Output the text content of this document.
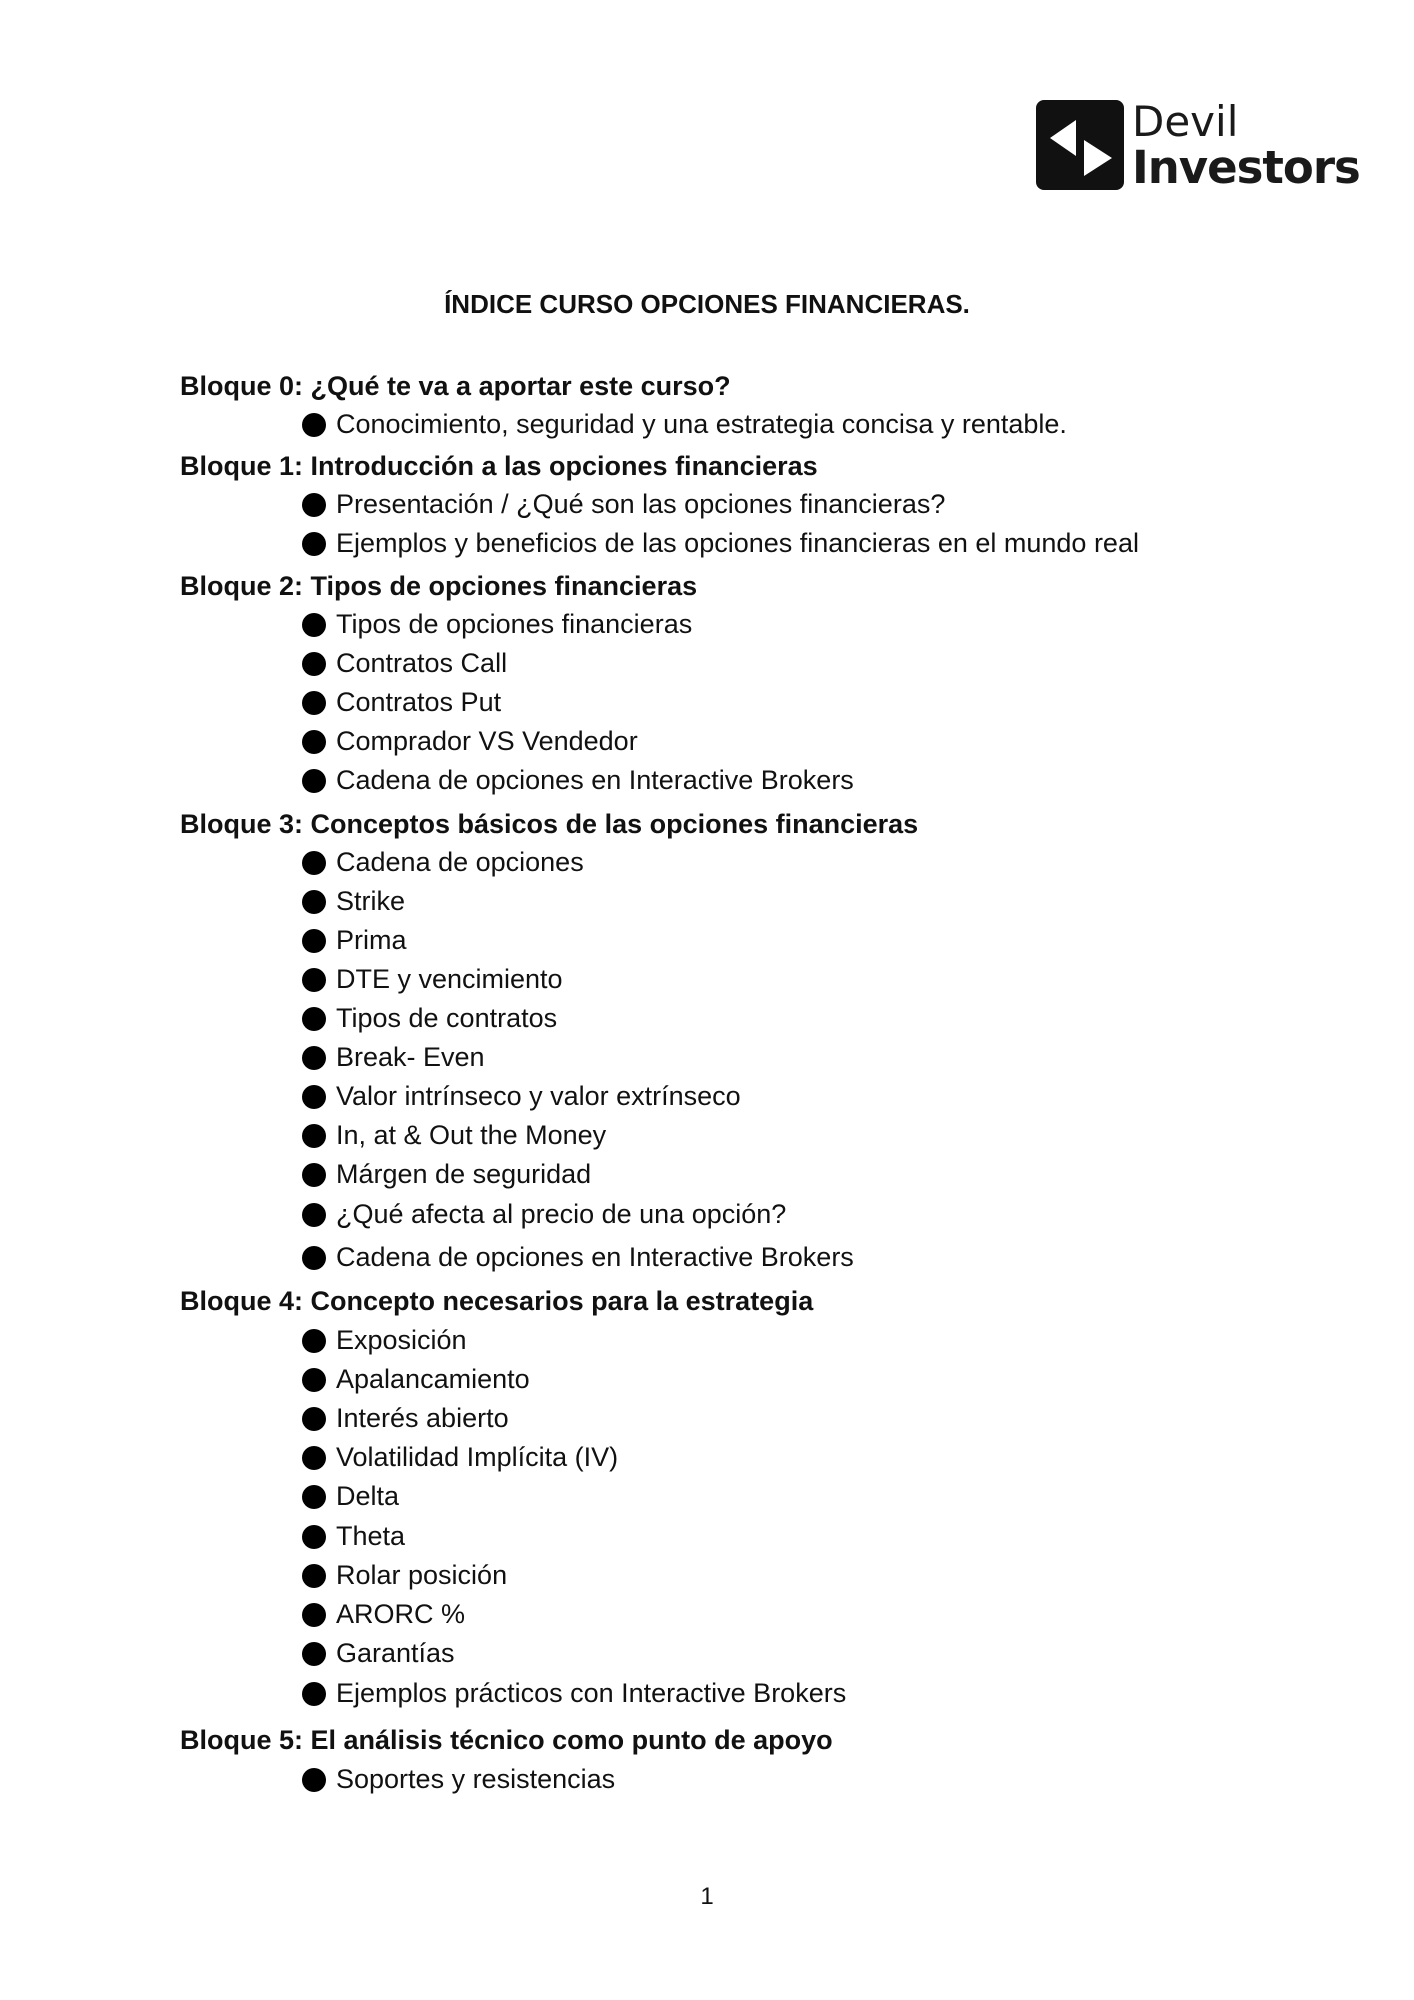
Devil
Investors
ÍNDICE CURSO OPCIONES FINANCIERAS.
Bloque 0: ¿Qué te va a aportar este curso?
Conocimiento, seguridad y una estrategia concisa y rentable.
Bloque 1: Introducción a las opciones financieras
Presentación / ¿Qué son las opciones financieras?
Ejemplos y beneficios de las opciones financieras en el mundo real
Bloque 2: Tipos de opciones financieras
Tipos de opciones financieras
Contratos Call
Contratos Put
Comprador VS Vendedor
Cadena de opciones en Interactive Brokers
Bloque 3: Conceptos básicos de las opciones financieras
Cadena de opciones
Strike
Prima
DTE y vencimiento
Tipos de contratos
Break- Even
Valor intrínseco y valor extrínseco
In, at & Out the Money
Márgen de seguridad
¿Qué afecta al precio de una opción?
Cadena de opciones en Interactive Brokers
Bloque 4: Concepto necesarios para la estrategia
Exposición
Apalancamiento
Interés abierto
Volatilidad Implícita (IV)
Delta
Theta
Rolar posición
ARORC %
Garantías
Ejemplos prácticos con Interactive Brokers
Bloque 5: El análisis técnico como punto de apoyo
Soportes y resistencias
1
